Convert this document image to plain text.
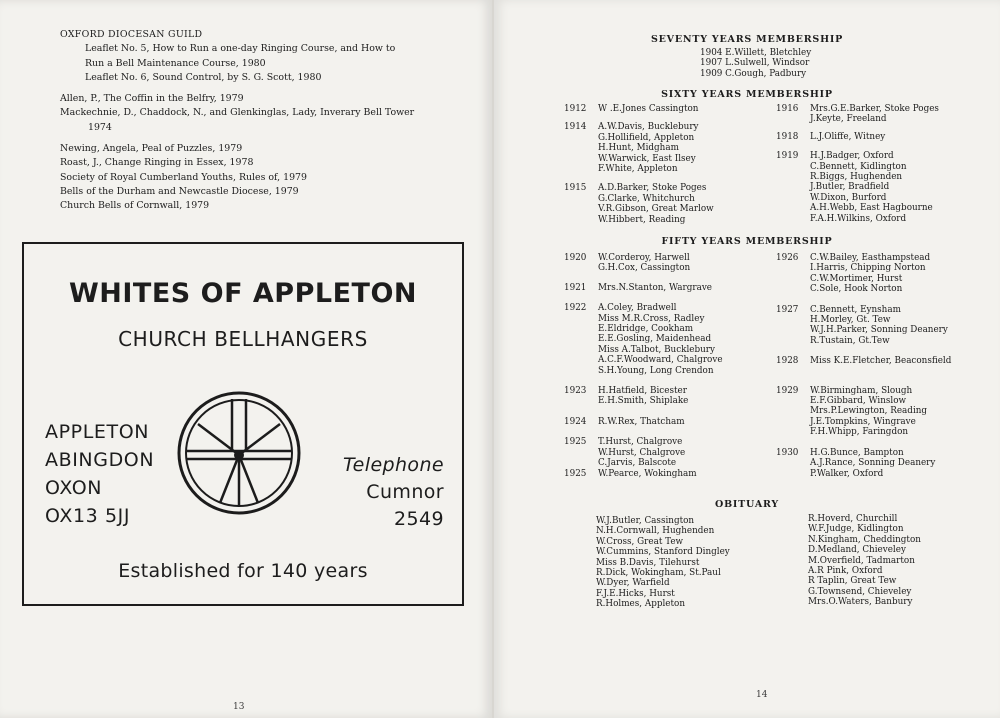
OXFORD DIOCESAN GUILD
Leaflet No. 5, How to Run a one-day Ringing Course, and How to
Run a Bell Maintenance Course, 1980
Leaflet No. 6, Sound Control, by S. G. Scott, 1980
Allen, P., The Coffin in the Belfry, 1979
Mackechnie, D., Chaddock, N., and Glenkinglas, Lady, Inverary Bell Tower
1974
Newing, Angela, Peal of Puzzles, 1979
Roast, J., Change Ringing in Essex, 1978
Society of Royal Cumberland Youths, Rules of, 1979
Bells of the Durham and Newcastle Diocese, 1979
Church Bells of Cornwall, 1979
WHITES OF APPLETON
CHURCH BELLHANGERS
APPLETON
ABINGDON
OXON
OX13 5JJ
Telephone
Cumnor
2549
Established for 140 years
13
SEVENTY YEARS MEMBERSHIP
1904 E.Willett, Bletchley
1907 L.Sulwell, Windsor
1909 C.Gough, Padbury
SIXTY YEARS MEMBERSHIP
1912 W .E.Jones Cassington
1914 A.W.Davis, Bucklebury
G.Hollifield, Appleton
H.Hunt, Midgham
W.Warwick, East Ilsey
F.White, Appleton
1915 A.D.Barker, Stoke Poges
G.Clarke, Whitchurch
V.R.Gibson, Great Marlow
W.Hibbert, Reading
1916 Mrs.G.E.Barker, Stoke Poges
J.Keyte, Freeland
1918 L.J.Oliffe, Witney
1919 H.J.Badger, Oxford
C.Bennett, Kidlington
R.Biggs, Hughenden
J.Butler, Bradfield
W.Dixon, Burford
A.H.Webb, East Hagbourne
F.A.H.Wilkins, Oxford
FIFTY YEARS MEMBERSHIP
1920 W.Corderoy, Harwell
G.H.Cox, Cassington
1921 Mrs.N.Stanton, Wargrave
1922 A.Coley, Bradwell
Miss M.R.Cross, Radley
E.Eldridge, Cookham
E.E.Gosling, Maidenhead
Miss A.Talbot, Bucklebury
A.C.F.Woodward, Chalgrove
S.H.Young, Long Crendon
1923 H.Hatfield, Bicester
E.H.Smith, Shiplake
1924 R.W.Rex, Thatcham
1925 T.Hurst, Chalgrove
W.Hurst, Chalgrove
C.Jarvis, Balscote
1925 W.Pearce, Wokingham
1926 C.W.Bailey, Easthampstead
I.Harris, Chipping Norton
C.W.Mortimer, Hurst
C.Sole, Hook Norton
1927 C.Bennett, Eynsham
H.Morley, Gt. Tew
W.J.H.Parker, Sonning Deanery
R.Tustain, Gt.Tew
1928 Miss K.E.Fletcher, Beaconsfield
1929 W.Birmingham, Slough
E.F.Gibbard, Winslow
Mrs.P.Lewington, Reading
J.E.Tompkins, Wingrave
F.H.Whipp, Faringdon
1930 H.G.Bunce, Bampton
A.J.Rance, Sonning Deanery
P.Walker, Oxford
OBITUARY
W.J.Butler, Cassington
N.H.Cornwall, Hughenden
W.Cross, Great Tew
W.Cummins, Stanford Dingley
Miss B.Davis, Tilehurst
R.Dick, Wokingham, St.Paul
W.Dyer, Warfield
F.J.E.Hicks, Hurst
R.Holmes, Appleton
R.Hoverd, Churchill
W.F.Judge, Kidlington
N.Kingham, Cheddington
D.Medland, Chieveley
M.Overfield, Tadmarton
A.R Pink, Oxford
R Taplin, Great Tew
G.Townsend, Chieveley
Mrs.O.Waters, Banbury
14
